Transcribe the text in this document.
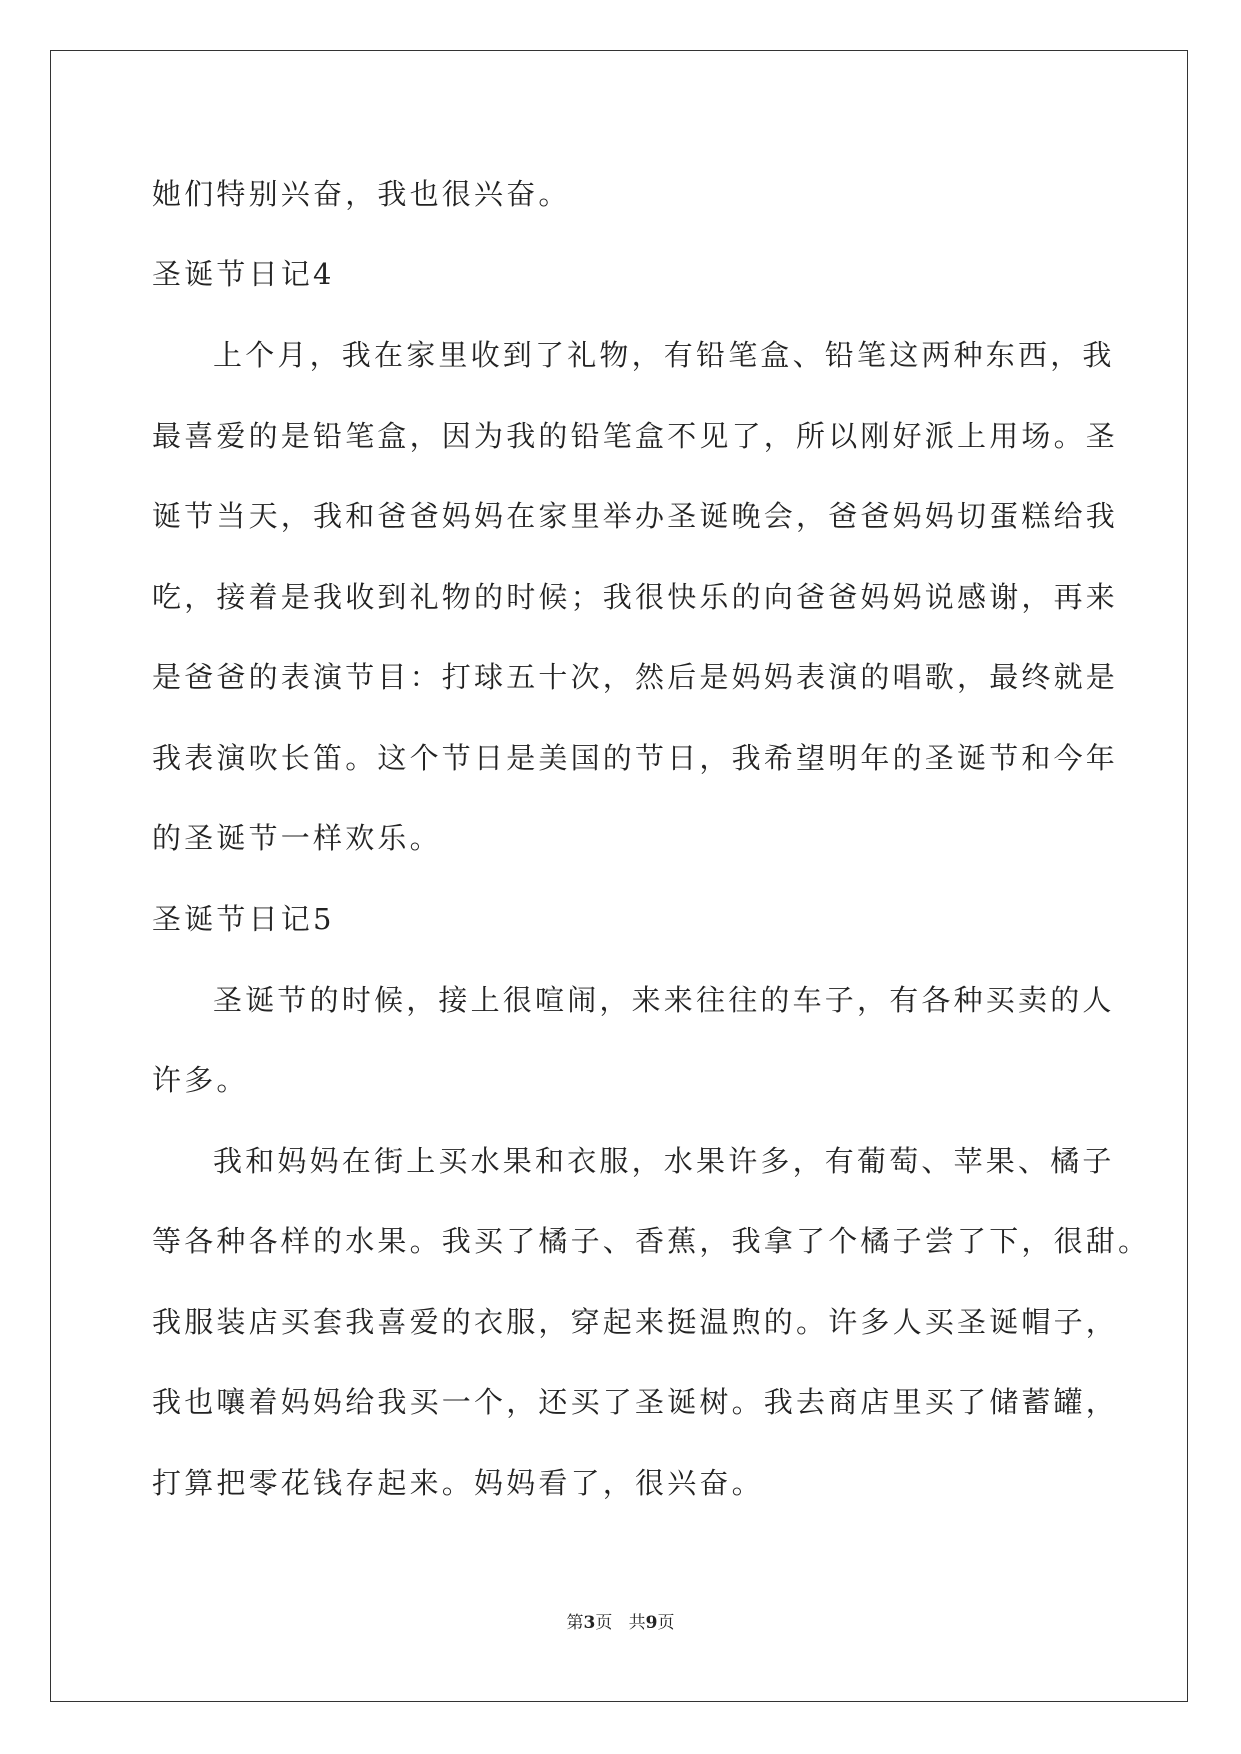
她们特别兴奋，我也很兴奋。
圣诞节日记4
上个月，我在家里收到了礼物，有铅笔盒、铅笔这两种东西，我
最喜爱的是铅笔盒，因为我的铅笔盒不见了，所以刚好派上用场。圣
诞节当天，我和爸爸妈妈在家里举办圣诞晚会，爸爸妈妈切蛋糕给我
吃，接着是我收到礼物的时候；我很快乐的向爸爸妈妈说感谢，再来
是爸爸的表演节目：打球五十次，然后是妈妈表演的唱歌，最终就是
我表演吹长笛。这个节日是美国的节日，我希望明年的圣诞节和今年
的圣诞节一样欢乐。
圣诞节日记5
圣诞节的时候，接上很喧闹，来来往往的车子，有各种买卖的人
许多。
我和妈妈在街上买水果和衣服，水果许多，有葡萄、苹果、橘子
等各种各样的水果。我买了橘子、香蕉，我拿了个橘子尝了下，很甜。
我服装店买套我喜爱的衣服，穿起来挺温煦的。许多人买圣诞帽子，
我也嚷着妈妈给我买一个，还买了圣诞树。我去商店里买了储蓄罐，
打算把零花钱存起来。妈妈看了，很兴奋。
第3页 共9页
